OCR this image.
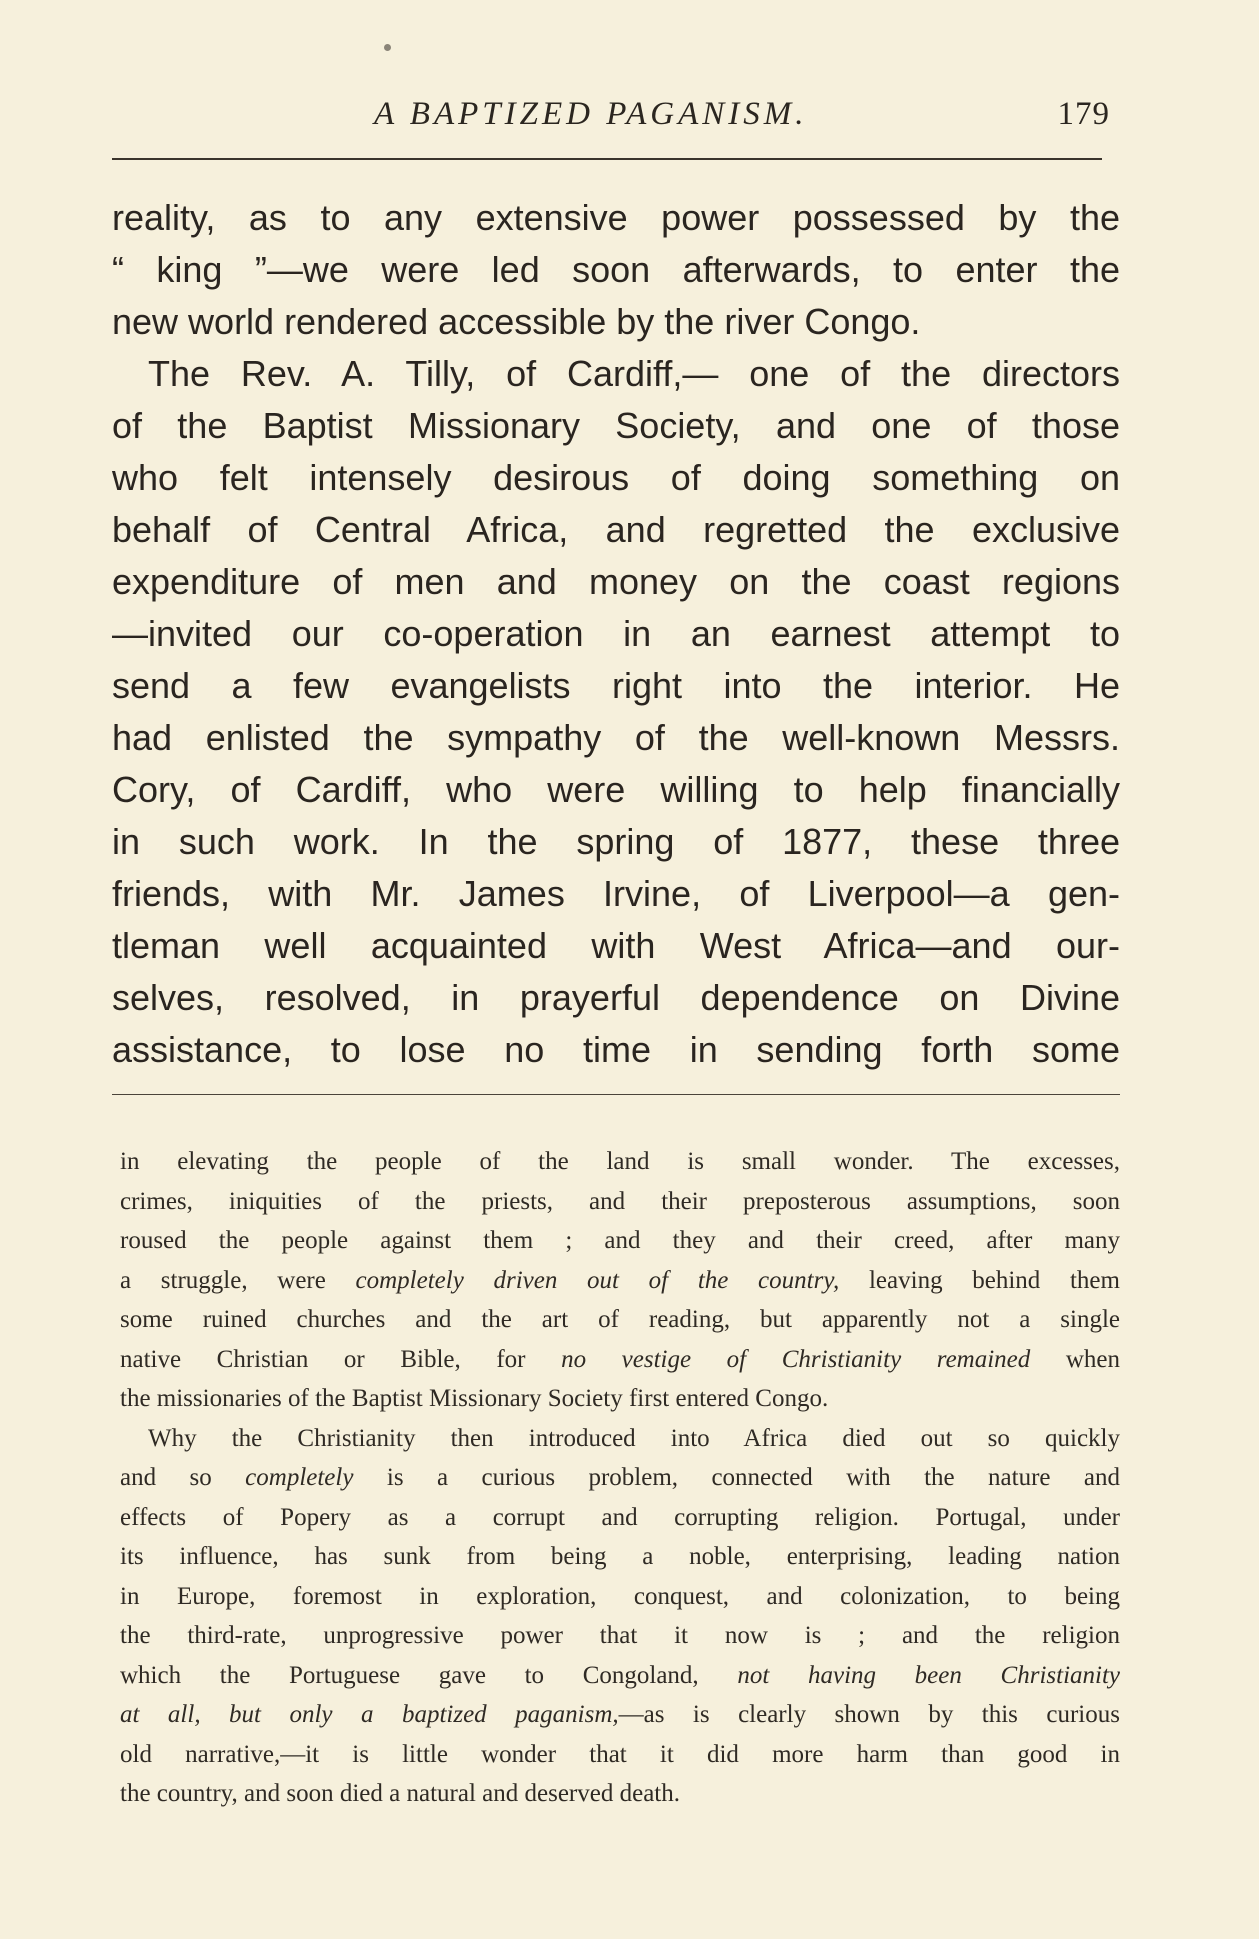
A BAPTIZED PAGANISM.	179
reality, as to any extensive power possessed by the
“ king ”—we were led soon afterwards, to enter the
new world rendered accessible by the river Congo.
The Rev. A. Tilly, of Cardiff,— one of the directors
of the Baptist Missionary Society, and one of those
who felt intensely desirous of doing something on
behalf of Central Africa, and regretted the exclusive
expenditure of men and money on the coast regions
—invited our co-operation in an earnest attempt to
send a few evangelists right into the interior. He
had enlisted the sympathy of the well-known Messrs.
Cory, of Cardiff, who were willing to help financially
in such work. In the spring of 1877, these three
friends, with Mr. James Irvine, of Liverpool—a gen-
tleman well acquainted with West Africa—and our-
selves, resolved, in prayerful dependence on Divine
assistance, to lose no time in sending forth some
in elevating the people of the land is small wonder. The excesses,
crimes, iniquities of the priests, and their preposterous assumptions, soon
roused the people against them ; and they and their creed, after many
a struggle, were completely driven out of the country, leaving behind them
some ruined churches and the art of reading, but apparently not a single
native Christian or Bible, for no vestige of Christianity remained when
the missionaries of the Baptist Missionary Society first entered Congo.
Why the Christianity then introduced into Africa died out so quickly
and so completely is a curious problem, connected with the nature and
effects of Popery as a corrupt and corrupting religion. Portugal, under
its influence, has sunk from being a noble, enterprising, leading nation
in Europe, foremost in exploration, conquest, and colonization, to being
the third-rate, unprogressive power that it now is ; and the religion
which the Portuguese gave to Congoland, not having been Christianity
at all, but only a baptized paganism,—as is clearly shown by this curious
old narrative,—it is little wonder that it did more harm than good in
the country, and soon died a natural and deserved death.
